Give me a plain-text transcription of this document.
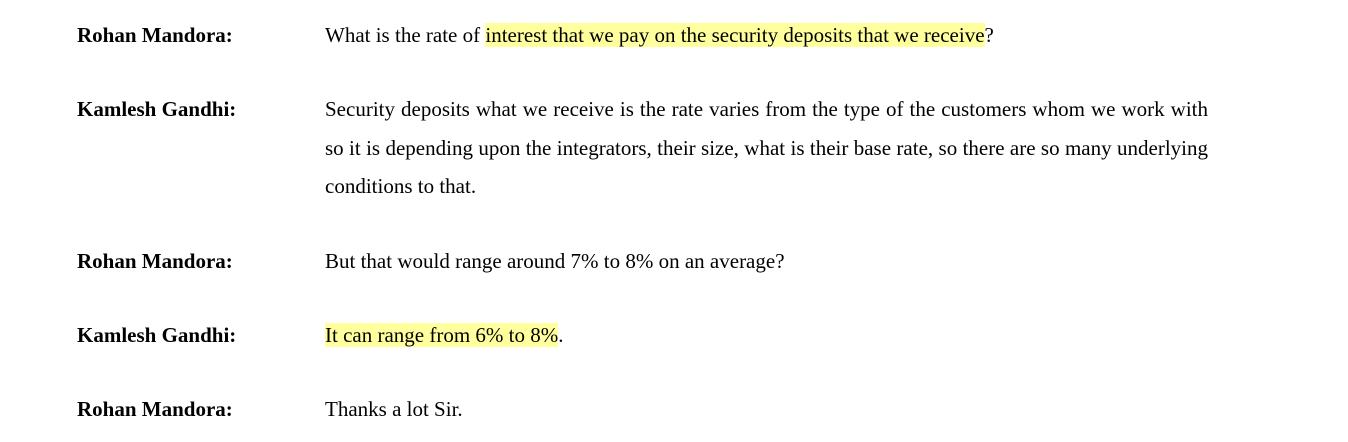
Rohan Mandora:	What is the rate of interest that we pay on the security deposits that we receive?
Kamlesh Gandhi:	Security deposits what we receive is the rate varies from the type of the customers whom we work with so it is depending upon the integrators, their size, what is their base rate, so there are so many underlying conditions to that.
Rohan Mandora:	But that would range around 7% to 8% on an average?
Kamlesh Gandhi:	It can range from 6% to 8%.
Rohan Mandora:	Thanks a lot Sir.
